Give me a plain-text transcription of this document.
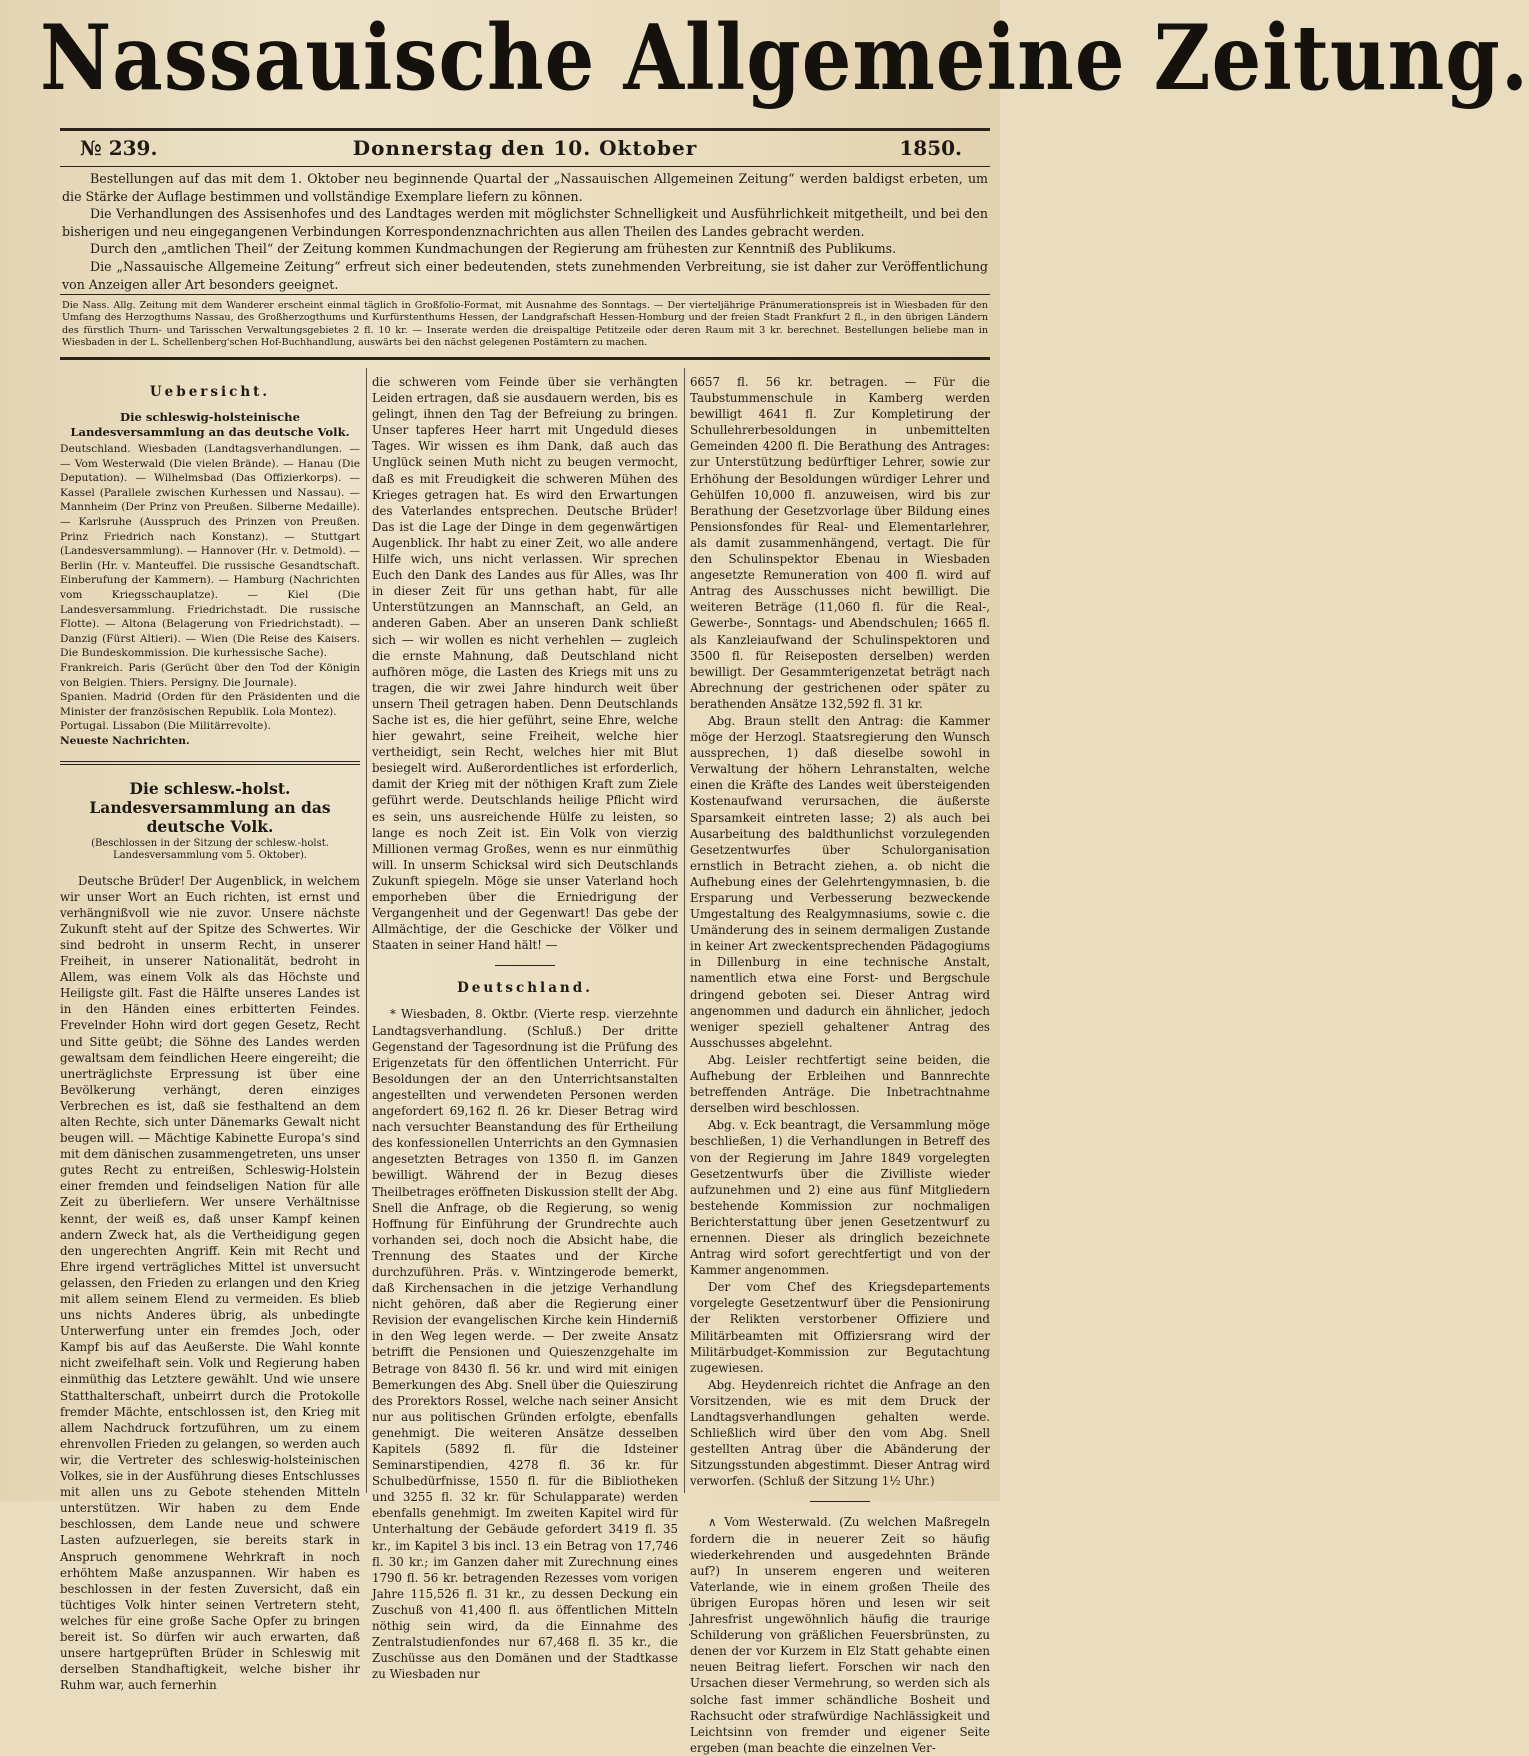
Nassauische Allgemeine Zeitung.
№ 239.	Donnerstag den 10. Oktober	1850.

Bestellungen auf das mit dem 1. Oktober neu beginnende Quartal der „Nassauischen Allgemeinen Zeitung“ werden baldigst erbeten, um die Stärke der Auflage bestimmen und vollständige Exemplare liefern zu können.

Die Verhandlungen des Assisenhofes und des Landtages werden mit möglichster Schnelligkeit und Ausführlichkeit mitgetheilt, und bei den bisherigen und neu eingegangenen Verbindungen Korrespondenznachrichten aus allen Theilen des Landes gebracht werden.

Durch den „amtlichen Theil“ der Zeitung kommen Kundmachungen der Regierung am frühesten zur Kenntniß des Publikums.

Die „Nassauische Allgemeine Zeitung“ erfreut sich einer bedeutenden, stets zunehmenden Verbreitung, sie ist daher zur Veröffentlichung von Anzeigen aller Art besonders geeignet.

Die Nass. Allg. Zeitung mit dem Wanderer erscheint einmal täglich in Großfolio-Format, mit Ausnahme des Sonntags. — Der vierteljährige Pränumerationspreis ist in Wiesbaden für den Umfang des Herzogthums Nassau, des Großherzogthums und Kurfürstenthums Hessen, der Landgrafschaft Hessen-Homburg und der freien Stadt Frankfurt 2 fl., in den übrigen Ländern des fürstlich Thurn- und Tarisschen Verwaltungsgebietes 2 fl. 10 kr. — Inserate werden die dreispaltige Petitzeile oder deren Raum mit 3 kr. berechnet. Bestellungen beliebe man in Wiesbaden in der L. Schellenberg'schen Hof-Buchhandlung, auswärts bei den nächst gelegenen Postämtern zu machen.
Uebersicht.
Die schleswig-holsteinische Landesversammlung an das deutsche Volk.
Deutschland. Wiesbaden (Landtagsverhandlungen. — — Vom Westerwald (Die vielen Brände). — Hanau (Die Deputation). — Wilhelmsbad (Das Offizierkorps). — Kassel (Parallele zwischen Kurhessen und Nassau). — Mannheim (Der Prinz von Preußen. Silberne Medaille). — Karlsruhe (Ausspruch des Prinzen von Preußen. Prinz Friedrich nach Konstanz). — Stuttgart (Landesversammlung). — Hannover (Hr. v. Detmold). — Berlin (Hr. v. Manteuffel. Die russische Gesandtschaft. Einberufung der Kammern). — Hamburg (Nachrichten vom Kriegsschauplatze). — Kiel (Die Landesversammlung. Friedrichstadt. Die russische Flotte). — Altona (Belagerung von Friedrichstadt). — Danzig (Fürst Altieri). — Wien (Die Reise des Kaisers. Die Bundeskommission. Die kurhessische Sache).
Frankreich. Paris (Gerücht über den Tod der Königin von Belgien. Thiers. Persigny. Die Journale).
Spanien. Madrid (Orden für den Präsidenten und die Minister der französischen Republik. Lola Montez).
Portugal. Lissabon (Die Militärrevolte).
Neueste Nachrichten.
Die schlesw.-holst. Landesversammlung an das deutsche Volk.
(Beschlossen in der Sitzung der schlesw.-holst. Landesversammlung vom 5. Oktober).

Deutsche Brüder! Der Augenblick, in welchem wir unser Wort an Euch richten, ist ernst und verhängnißvoll wie nie zuvor. Unsere nächste Zukunft steht auf der Spitze des Schwertes. Wir sind bedroht in unserm Recht, in unserer Freiheit, in unserer Nationalität, bedroht in Allem, was einem Volk als das Höchste und Heiligste gilt. Fast die Hälfte unseres Landes ist in den Händen eines erbitterten Feindes. Frevelnder Hohn wird dort gegen Gesetz, Recht und Sitte geübt; die Söhne des Landes werden gewaltsam dem feindlichen Heere eingereiht; die unerträglichste Erpressung ist über eine Bevölkerung verhängt, deren einziges Verbrechen es ist, daß sie festhaltend an dem alten Rechte, sich unter Dänemarks Gewalt nicht beugen will. — Mächtige Kabinette Europa's sind mit dem dänischen zusammengetreten, uns unser gutes Recht zu entreißen, Schleswig-Holstein einer fremden und feindseligen Nation für alle Zeit zu überliefern. Wer unsere Verhältnisse kennt, der weiß es, daß unser Kampf keinen andern Zweck hat, als die Vertheidigung gegen den ungerechten Angriff. Kein mit Recht und Ehre irgend verträgliches Mittel ist unversucht gelassen, den Frieden zu erlangen und den Krieg mit allem seinem Elend zu vermeiden. Es blieb uns nichts Anderes übrig, als unbedingte Unterwerfung unter ein fremdes Joch, oder Kampf bis auf das Aeußerste. Die Wahl konnte nicht zweifelhaft sein. Volk und Regierung haben einmüthig das Letztere gewählt. Und wie unsere Statthalterschaft, unbeirrt durch die Protokolle fremder Mächte, entschlossen ist, den Krieg mit allem Nachdruck fortzuführen, um zu einem ehrenvollen Frieden zu gelangen, so werden auch wir, die Vertreter des schleswig-holsteinischen Volkes, sie in der Ausführung dieses Entschlusses mit allen uns zu Gebote stehenden Mitteln unterstützen. Wir haben zu dem Ende beschlossen, dem Lande neue und schwere Lasten aufzuerlegen, sie bereits stark in Anspruch genommene Wehrkraft in noch erhöhtem Maße anzuspannen. Wir haben es beschlossen in der festen Zuversicht, daß ein tüchtiges Volk hinter seinen Vertretern steht, welches für eine große Sache Opfer zu bringen bereit ist. So dürfen wir auch erwarten, daß unsere hartgeprüften Brüder in Schleswig mit derselben Standhaftigkeit, welche bisher ihr Ruhm war, auch fernerhin

die schweren vom Feinde über sie verhängten Leiden ertragen, daß sie ausdauern werden, bis es gelingt, ihnen den Tag der Befreiung zu bringen. Unser tapferes Heer harrt mit Ungeduld dieses Tages. Wir wissen es ihm Dank, daß auch das Unglück seinen Muth nicht zu beugen vermocht, daß es mit Freudigkeit die schweren Mühen des Krieges getragen hat. Es wird den Erwartungen des Vaterlandes entsprechen. Deutsche Brüder! Das ist die Lage der Dinge in dem gegenwärtigen Augenblick. Ihr habt zu einer Zeit, wo alle andere Hilfe wich, uns nicht verlassen. Wir sprechen Euch den Dank des Landes aus für Alles, was Ihr in dieser Zeit für uns gethan habt, für alle Unterstützungen an Mannschaft, an Geld, an anderen Gaben. Aber an unseren Dank schließt sich — wir wollen es nicht verhehlen — zugleich die ernste Mahnung, daß Deutschland nicht aufhören möge, die Lasten des Kriegs mit uns zu tragen, die wir zwei Jahre hindurch weit über unsern Theil getragen haben. Denn Deutschlands Sache ist es, die hier geführt, seine Ehre, welche hier gewahrt, seine Freiheit, welche hier vertheidigt, sein Recht, welches hier mit Blut besiegelt wird. Außerordentliches ist erforderlich, damit der Krieg mit der nöthigen Kraft zum Ziele geführt werde. Deutschlands heilige Pflicht wird es sein, uns ausreichende Hülfe zu leisten, so lange es noch Zeit ist. Ein Volk von vierzig Millionen vermag Großes, wenn es nur einmüthig will. In unserm Schicksal wird sich Deutschlands Zukunft spiegeln. Möge sie unser Vaterland hoch emporheben über die Erniedrigung der Vergangenheit und der Gegenwart! Das gebe der Allmächtige, der die Geschicke der Völker und Staaten in seiner Hand hält! —

Deutschland.

* Wiesbaden, 8. Oktbr. (Vierte resp. vierzehnte Landtagsverhandlung. (Schluß.) Der dritte Gegenstand der Tagesordnung ist die Prüfung des Erigenzetats für den öffentlichen Unterricht. Für Besoldungen der an den Unterrichtsanstalten angestellten und verwendeten Personen werden angefordert 69,162 fl. 26 kr. Dieser Betrag wird nach versuchter Beanstandung des für Ertheilung des konfessionellen Unterrichts an den Gymnasien angesetzten Betrages von 1350 fl. im Ganzen bewilligt. Während der in Bezug dieses Theilbetrages eröffneten Diskussion stellt der Abg. Snell die Anfrage, ob die Regierung, so wenig Hoffnung für Einführung der Grundrechte auch vorhanden sei, doch noch die Absicht habe, die Trennung des Staates und der Kirche durchzuführen. Präs. v. Wintzingerode bemerkt, daß Kirchensachen in die jetzige Verhandlung nicht gehören, daß aber die Regierung einer Revision der evangelischen Kirche kein Hinderniß in den Weg legen werde. — Der zweite Ansatz betrifft die Pensionen und Quieszenzgehalte im Betrage von 8430 fl. 56 kr. und wird mit einigen Bemerkungen des Abg. Snell über die Quieszirung des Prorektors Rossel, welche nach seiner Ansicht nur aus politischen Gründen erfolgte, ebenfalls genehmigt. Die weiteren Ansätze desselben Kapitels (5892 fl. für die Idsteiner Seminarstipendien, 4278 fl. 36 kr. für Schulbedürfnisse, 1550 fl. für die Bibliotheken und 3255 fl. 32 kr. für Schulapparate) werden ebenfalls genehmigt. Im zweiten Kapitel wird für Unterhaltung der Gebäude gefordert 3419 fl. 35 kr., im Kapitel 3 bis incl. 13 ein Betrag von 17,746 fl. 30 kr.; im Ganzen daher mit Zurechnung eines 1790 fl. 56 kr. betragenden Rezesses vom vorigen Jahre 115,526 fl. 31 kr., zu dessen Deckung ein Zuschuß von 41,400 fl. aus öffentlichen Mitteln nöthig sein wird, da die Einnahme des Zentralstudienfondes nur 67,468 fl. 35 kr., die Zuschüsse aus den Domänen und der Stadtkasse zu Wiesbaden nur

6657 fl. 56 kr. betragen. — Für die Taubstummenschule in Kamberg werden bewilligt 4641 fl. Zur Kompletirung der Schullehrerbesoldungen in unbemittelten Gemeinden 4200 fl. Die Berathung des Antrages: zur Unterstützung bedürftiger Lehrer, sowie zur Erhöhung der Besoldungen würdiger Lehrer und Gehülfen 10,000 fl. anzuweisen, wird bis zur Berathung der Gesetzvorlage über Bildung eines Pensionsfondes für Real- und Elementarlehrer, als damit zusammenhängend, vertagt. Die für den Schulinspektor Ebenau in Wiesbaden angesetzte Remuneration von 400 fl. wird auf Antrag des Ausschusses nicht bewilligt. Die weiteren Beträge (11,060 fl. für die Real-, Gewerbe-, Sonntags- und Abendschulen; 1665 fl. als Kanzleiaufwand der Schulinspektoren und 3500 fl. für Reiseposten derselben) werden bewilligt. Der Gesammterigenzetat beträgt nach Abrechnung der gestrichenen oder später zu berathenden Ansätze 132,592 fl. 31 kr.

Abg. Braun stellt den Antrag: die Kammer möge der Herzogl. Staatsregierung den Wunsch aussprechen, 1) daß dieselbe sowohl in Verwaltung der höhern Lehranstalten, welche einen die Kräfte des Landes weit übersteigenden Kostenaufwand verursachen, die äußerste Sparsamkeit eintreten lasse; 2) als auch bei Ausarbeitung des baldthunlichst vorzulegenden Gesetzentwurfes über Schulorganisation ernstlich in Betracht ziehen, a. ob nicht die Aufhebung eines der Gelehrtengymnasien, b. die Ersparung und Verbesserung bezweckende Umgestaltung des Realgymnasiums, sowie c. die Umänderung des in seinem dermaligen Zustande in keiner Art zweckentsprechenden Pädagogiums in Dillenburg in eine technische Anstalt, namentlich etwa eine Forst- und Bergschule dringend geboten sei. Dieser Antrag wird angenommen und dadurch ein ähnlicher, jedoch weniger speziell gehaltener Antrag des Ausschusses abgelehnt.

Abg. Leisler rechtfertigt seine beiden, die Aufhebung der Erbleihen und Bannrechte betreffenden Anträge. Die Inbetrachtnahme derselben wird beschlossen.

Abg. v. Eck beantragt, die Versammlung möge beschließen, 1) die Verhandlungen in Betreff des von der Regierung im Jahre 1849 vorgelegten Gesetzentwurfs über die Zivilliste wieder aufzunehmen und 2) eine aus fünf Mitgliedern bestehende Kommission zur nochmaligen Berichterstattung über jenen Gesetzentwurf zu ernennen. Dieser als dringlich bezeichnete Antrag wird sofort gerechtfertigt und von der Kammer angenommen.

Der vom Chef des Kriegsdepartements vorgelegte Gesetzentwurf über die Pensionirung der Relikten verstorbener Offiziere und Militärbeamten mit Offiziersrang wird der Militärbudget-Kommission zur Begutachtung zugewiesen.

Abg. Heydenreich richtet die Anfrage an den Vorsitzenden, wie es mit dem Druck der Landtagsverhandlungen gehalten werde. Schließlich wird über den vom Abg. Snell gestellten Antrag über die Abänderung der Sitzungsstunden abgestimmt. Dieser Antrag wird verworfen. (Schluß der Sitzung 1½ Uhr.)

∧ Vom Westerwald. (Zu welchen Maßregeln fordern die in neuerer Zeit so häufig wiederkehrenden und ausgedehnten Brände auf?) In unserem engeren und weiteren Vaterlande, wie in einem großen Theile des übrigen Europas hören und lesen wir seit Jahresfrist ungewöhnlich häufig die traurige Schilderung von gräßlichen Feuersbrünsten, zu denen der vor Kurzem in Elz Statt gehabte einen neuen Beitrag liefert. Forschen wir nach den Ursachen dieser Vermehrung, so werden sich als solche fast immer schändliche Bosheit und Rachsucht oder strafwürdige Nachlässigkeit und Leichtsinn von fremder und eigener Seite ergeben (man beachte die einzelnen Ver-
